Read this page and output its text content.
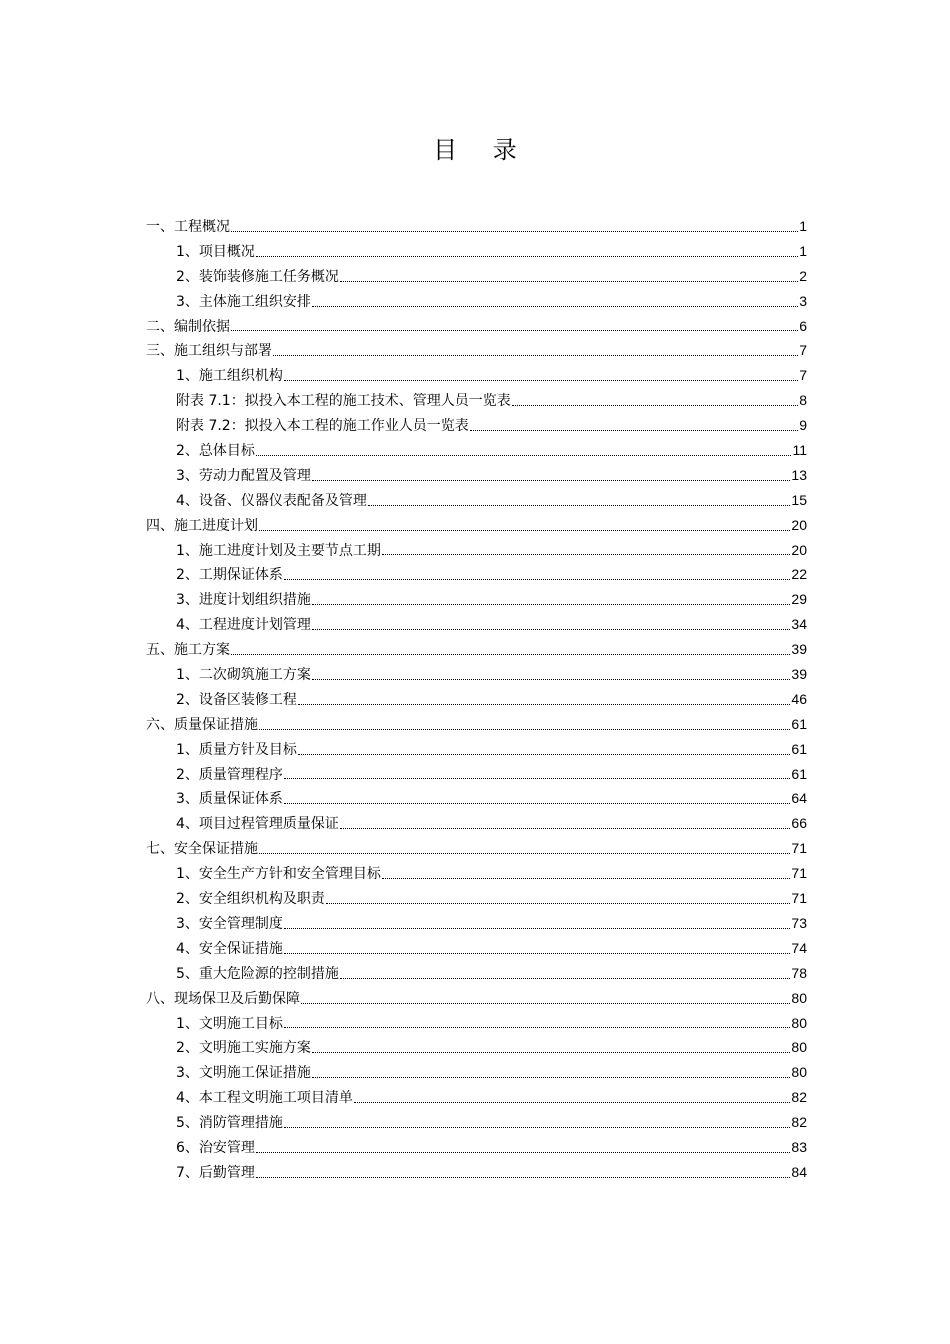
目 录
一、工程概况	1
1、项目概况	1
2、装饰装修施工任务概况	2
3、主体施工组织安排	3
二、编制依据	6
三、施工组织与部署	7
1、施工组织机构	7
附表 7.1：拟投入本工程的施工技术、管理人员一览表	8
附表 7.2：拟投入本工程的施工作业人员一览表	9
2、总体目标	11
3、劳动力配置及管理	13
4、设备、仪器仪表配备及管理	15
四、施工进度计划	20
1、施工进度计划及主要节点工期	20
2、工期保证体系	22
3、进度计划组织措施	29
4、工程进度计划管理	34
五、施工方案	39
1、二次砌筑施工方案	39
2、设备区装修工程	46
六、质量保证措施	61
1、质量方针及目标	61
2、质量管理程序	61
3、质量保证体系	64
4、项目过程管理质量保证	66
七、安全保证措施	71
1、安全生产方针和安全管理目标	71
2、安全组织机构及职责	71
3、安全管理制度	73
4、安全保证措施	74
5、重大危险源的控制措施	78
八、现场保卫及后勤保障	80
1、文明施工目标	80
2、文明施工实施方案	80
3、文明施工保证措施	80
4、本工程文明施工项目清单	82
5、消防管理措施	82
6、治安管理	83
7、后勤管理	84
